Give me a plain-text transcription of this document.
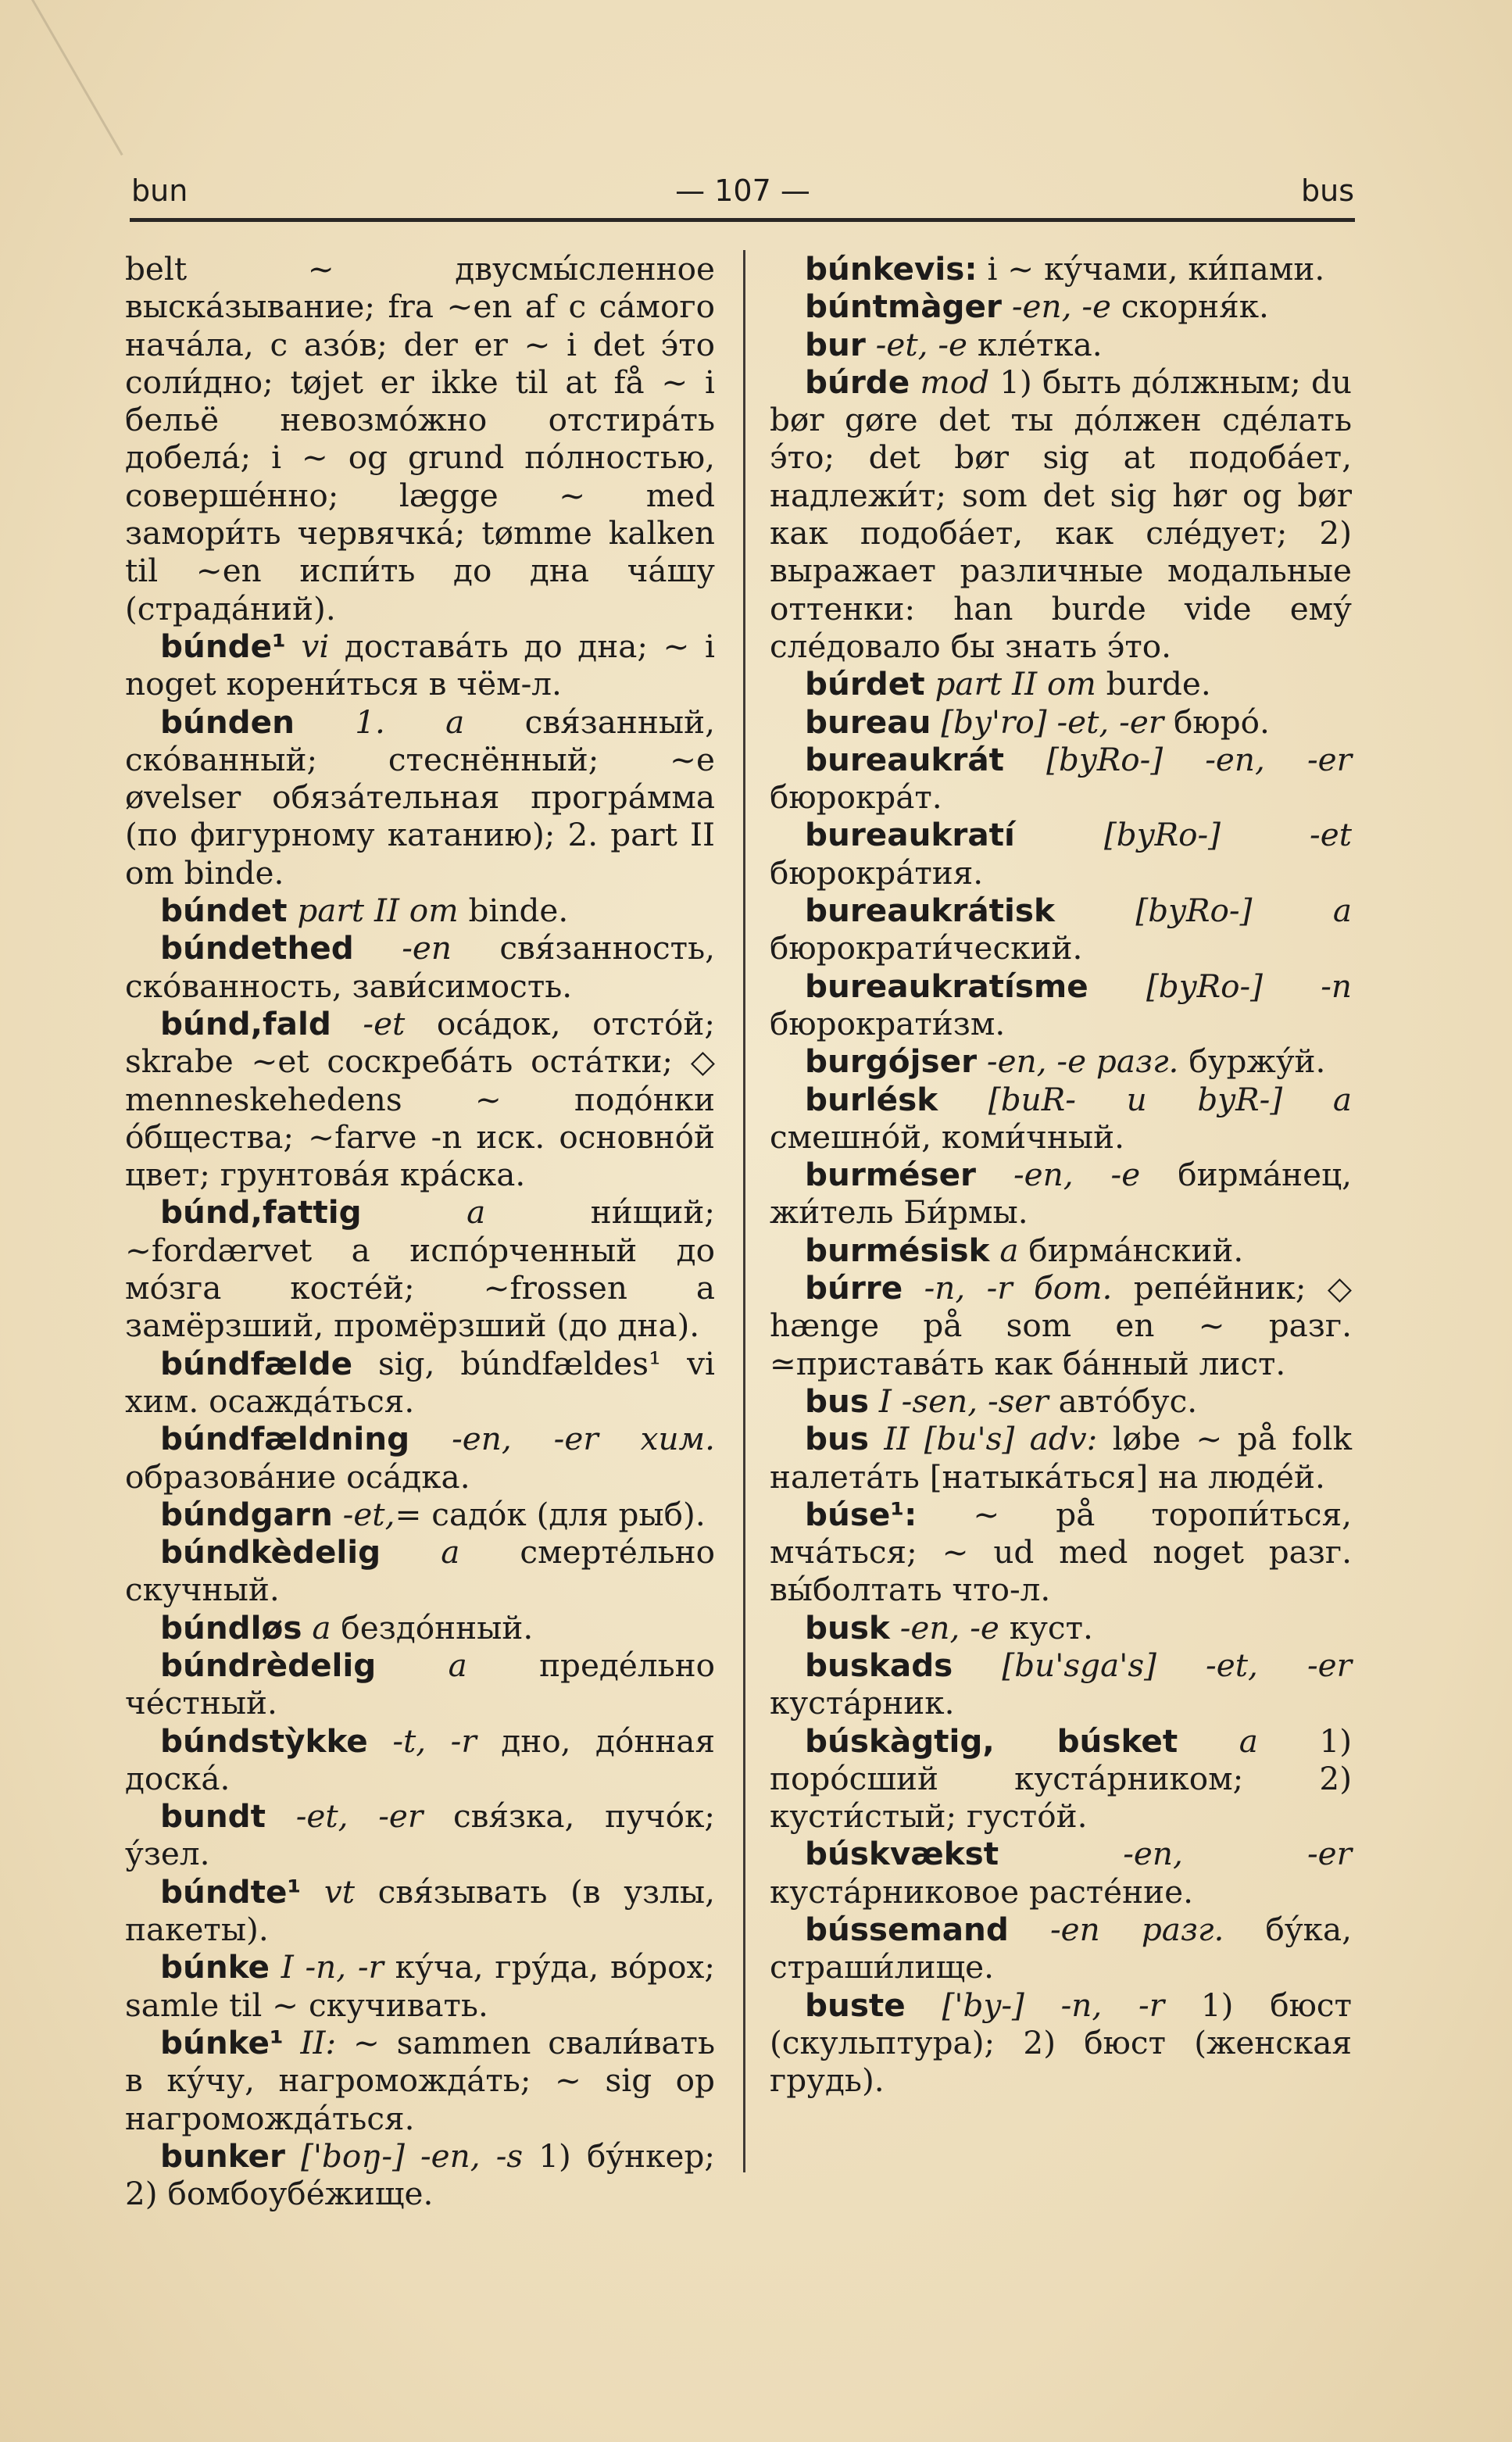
bun	— 107 —	bus

belt ~ двусмы́сленное выска́зывание; fra ~en af с са́мого нача́ла, с азо́в; der er ~ i det э́то соли́дно; tøjet er ikke til at få ~ i бельё невозмо́жно отстира́ть добела́; i ~ og grund по́лностью, соверше́нно; lægge ~ med замори́ть червячка́; tømme kalken til ~en испи́ть до дна ча́шу (страда́ний).

búnde¹ vi достава́ть до дна; ~ i noget корени́ться в чём-л.

búnden 1. a свя́занный, ско́ванный; стеснённый; ~e øvelser обяза́тельная програ́мма (по фигурному катанию); 2. part II om binde.

búndet part II om binde.

búndethed -en свя́занность, ско́ванность, зави́симость.

búnd,fald -et оса́док, отсто́й; skrabe ~et соскреба́ть оста́тки; ◇ menneskehedens ~ подо́нки о́бщества; ~farve -n иск. основно́й цвет; грунтова́я кра́ска.

búnd,fattig	a	ни́щий; ~fordærvet a испо́рченный до мо́зга косте́й; ~frossen a замёрзший, промёрзший (до дна).

búndfælde sig, búndfældes¹ vi хим. осажда́ться.

búndfældning -en, -er хим. образова́ние оса́дка.

búndgarn -et,= садо́к (для рыб).

búndkèdelig a смерте́льно скучный.

búndløs a бездо́нный.

búndrèdelig a преде́льно че́стный.

búndstỳkke -t, -r дно, до́нная доска́.

bundt -et, -er свя́зка, пучо́к; у́зел.

búndte¹ vt свя́зывать (в узлы, пакеты).

búnke I -n, -r ку́ча, гру́да, во́рох; samle til ~ скучивать.

búnke¹ II: ~ sammen свали́вать в ку́чу, нагроможда́ть; ~ sig op нагроможда́ться.

bunker ['boŋ-] -en, -s 1) бу́нкер; 2) бомбоубе́жище.

búnkevis: i ~ ку́чами, ки́пами.

búntmàger -en, -e скорня́к.

bur -et, -e кле́тка.

búrde mod 1) быть до́лжным; du bør gøre det ты до́лжен сде́лать э́то; det bør sig at подоба́ет, надлежи́т; som det sig hør og bør как подоба́ет, как сле́дует; 2) выражает различные модальные оттенки: han burde vide ему́ сле́довало бы знать э́то.

búrdet part II om burde.

bureau [by'ro] -et, -er бюро́.

bureaukrát [byRo-] -en, -er бюрокра́т.

bureaukratí	[byRo-] -et бюрокра́тия.

bureaukrátisk	[byRo-] a бюрократи́ческий.

bureaukratísme [byRo-] -n бюрократи́зм.

burgójser -en, -e разг. буржу́й.

burlésk [buR- и byR-] a смешно́й, коми́чный.

burméser -en, -e бирма́нец, жи́тель Би́рмы.

burmésisk a бирма́нский.

búrre -n, -r бот. репе́йник; ◇ hænge på som en ~ разг. ≃пристава́ть как ба́нный лист.

bus I -sen, -ser авто́бус.

bus II [bu's] adv: løbe ~ på folk налета́ть [натыка́ться] на люде́й.

búse¹: ~ på торопи́ться, мча́ться; ~ ud med noget разг. вы́болтать что-л.

busk -en, -e куст.

buskads [bu'sga's] -et, -er куста́рник.

búskàgtig, búsket a 1) поро́сший куста́рником; 2) кусти́стый; густо́й.

búskvækst	-en, -er куста́рниковое расте́ние.

bússemand -en разг. бу́ка, страши́лище.

buste ['by-] -n, -r 1) бюст (скульптура); 2) бюст (женская грудь).
